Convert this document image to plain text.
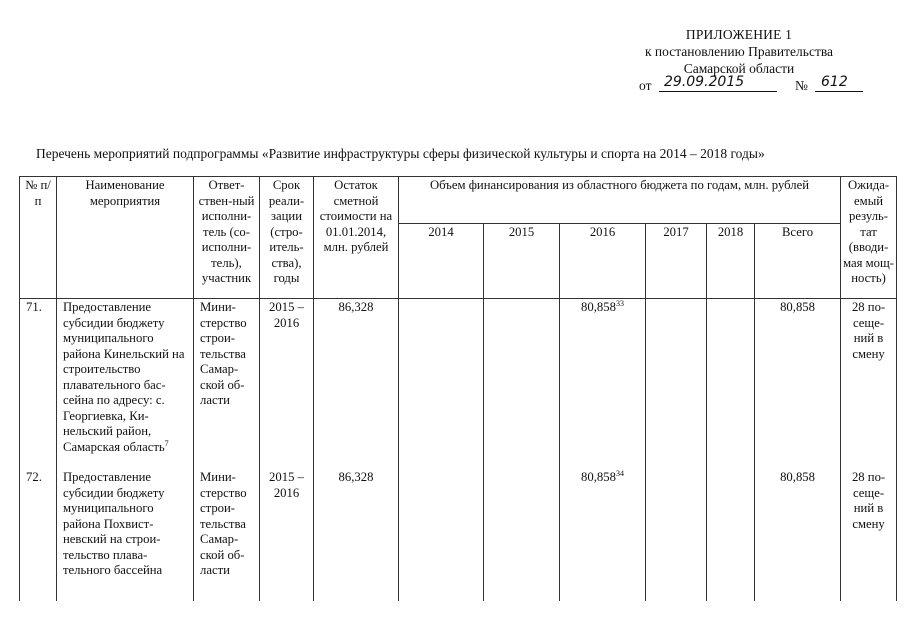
ПРИЛОЖЕНИЕ 1
к постановлению Правительства
Самарской области
от 29.09.2015	№ 612
Перечень мероприятий подпрограммы «Развитие инфраструктуры сферы физической культуры и спорта на 2014 – 2018 годы»
№ п/п	Наименование мероприятия	Ответ-ствен-ный исполни-тель (со-исполни-тель), участник	Срок реали-зации (стро-итель-ства), годы	Остаток сметной стоимости на 01.01.2014, млн. рублей	Объем финансирования из областного бюджета по годам, млн. рублей						Ожида-емый резуль-тат (вводи-мая мощ-ность)
					2014	2015	2016	2017	2018	Всего	
71.	Предоставление субсидии бюджету муниципального района Кинельский на строительство плавательного бас-сейна по адресу: с. Георгиевка, Ки-нельский район, Самарская область$^7$	Мини-стерство строи-тельства Самар-ской об-ласти	2015 – 2016	86,328			80,858$^{33}$			80,858	28 по-сеще-ний в смену
72.	Предоставление субсидии бюджету муниципального района Похвист-невский на строи-тельство плава-тельного бассейна	Мини-стерство строи-тельства Самар-ской об-ласти	2015 – 2016	86,328			80,858$^{34}$			80,858	28 по-сеще-ний в смену
